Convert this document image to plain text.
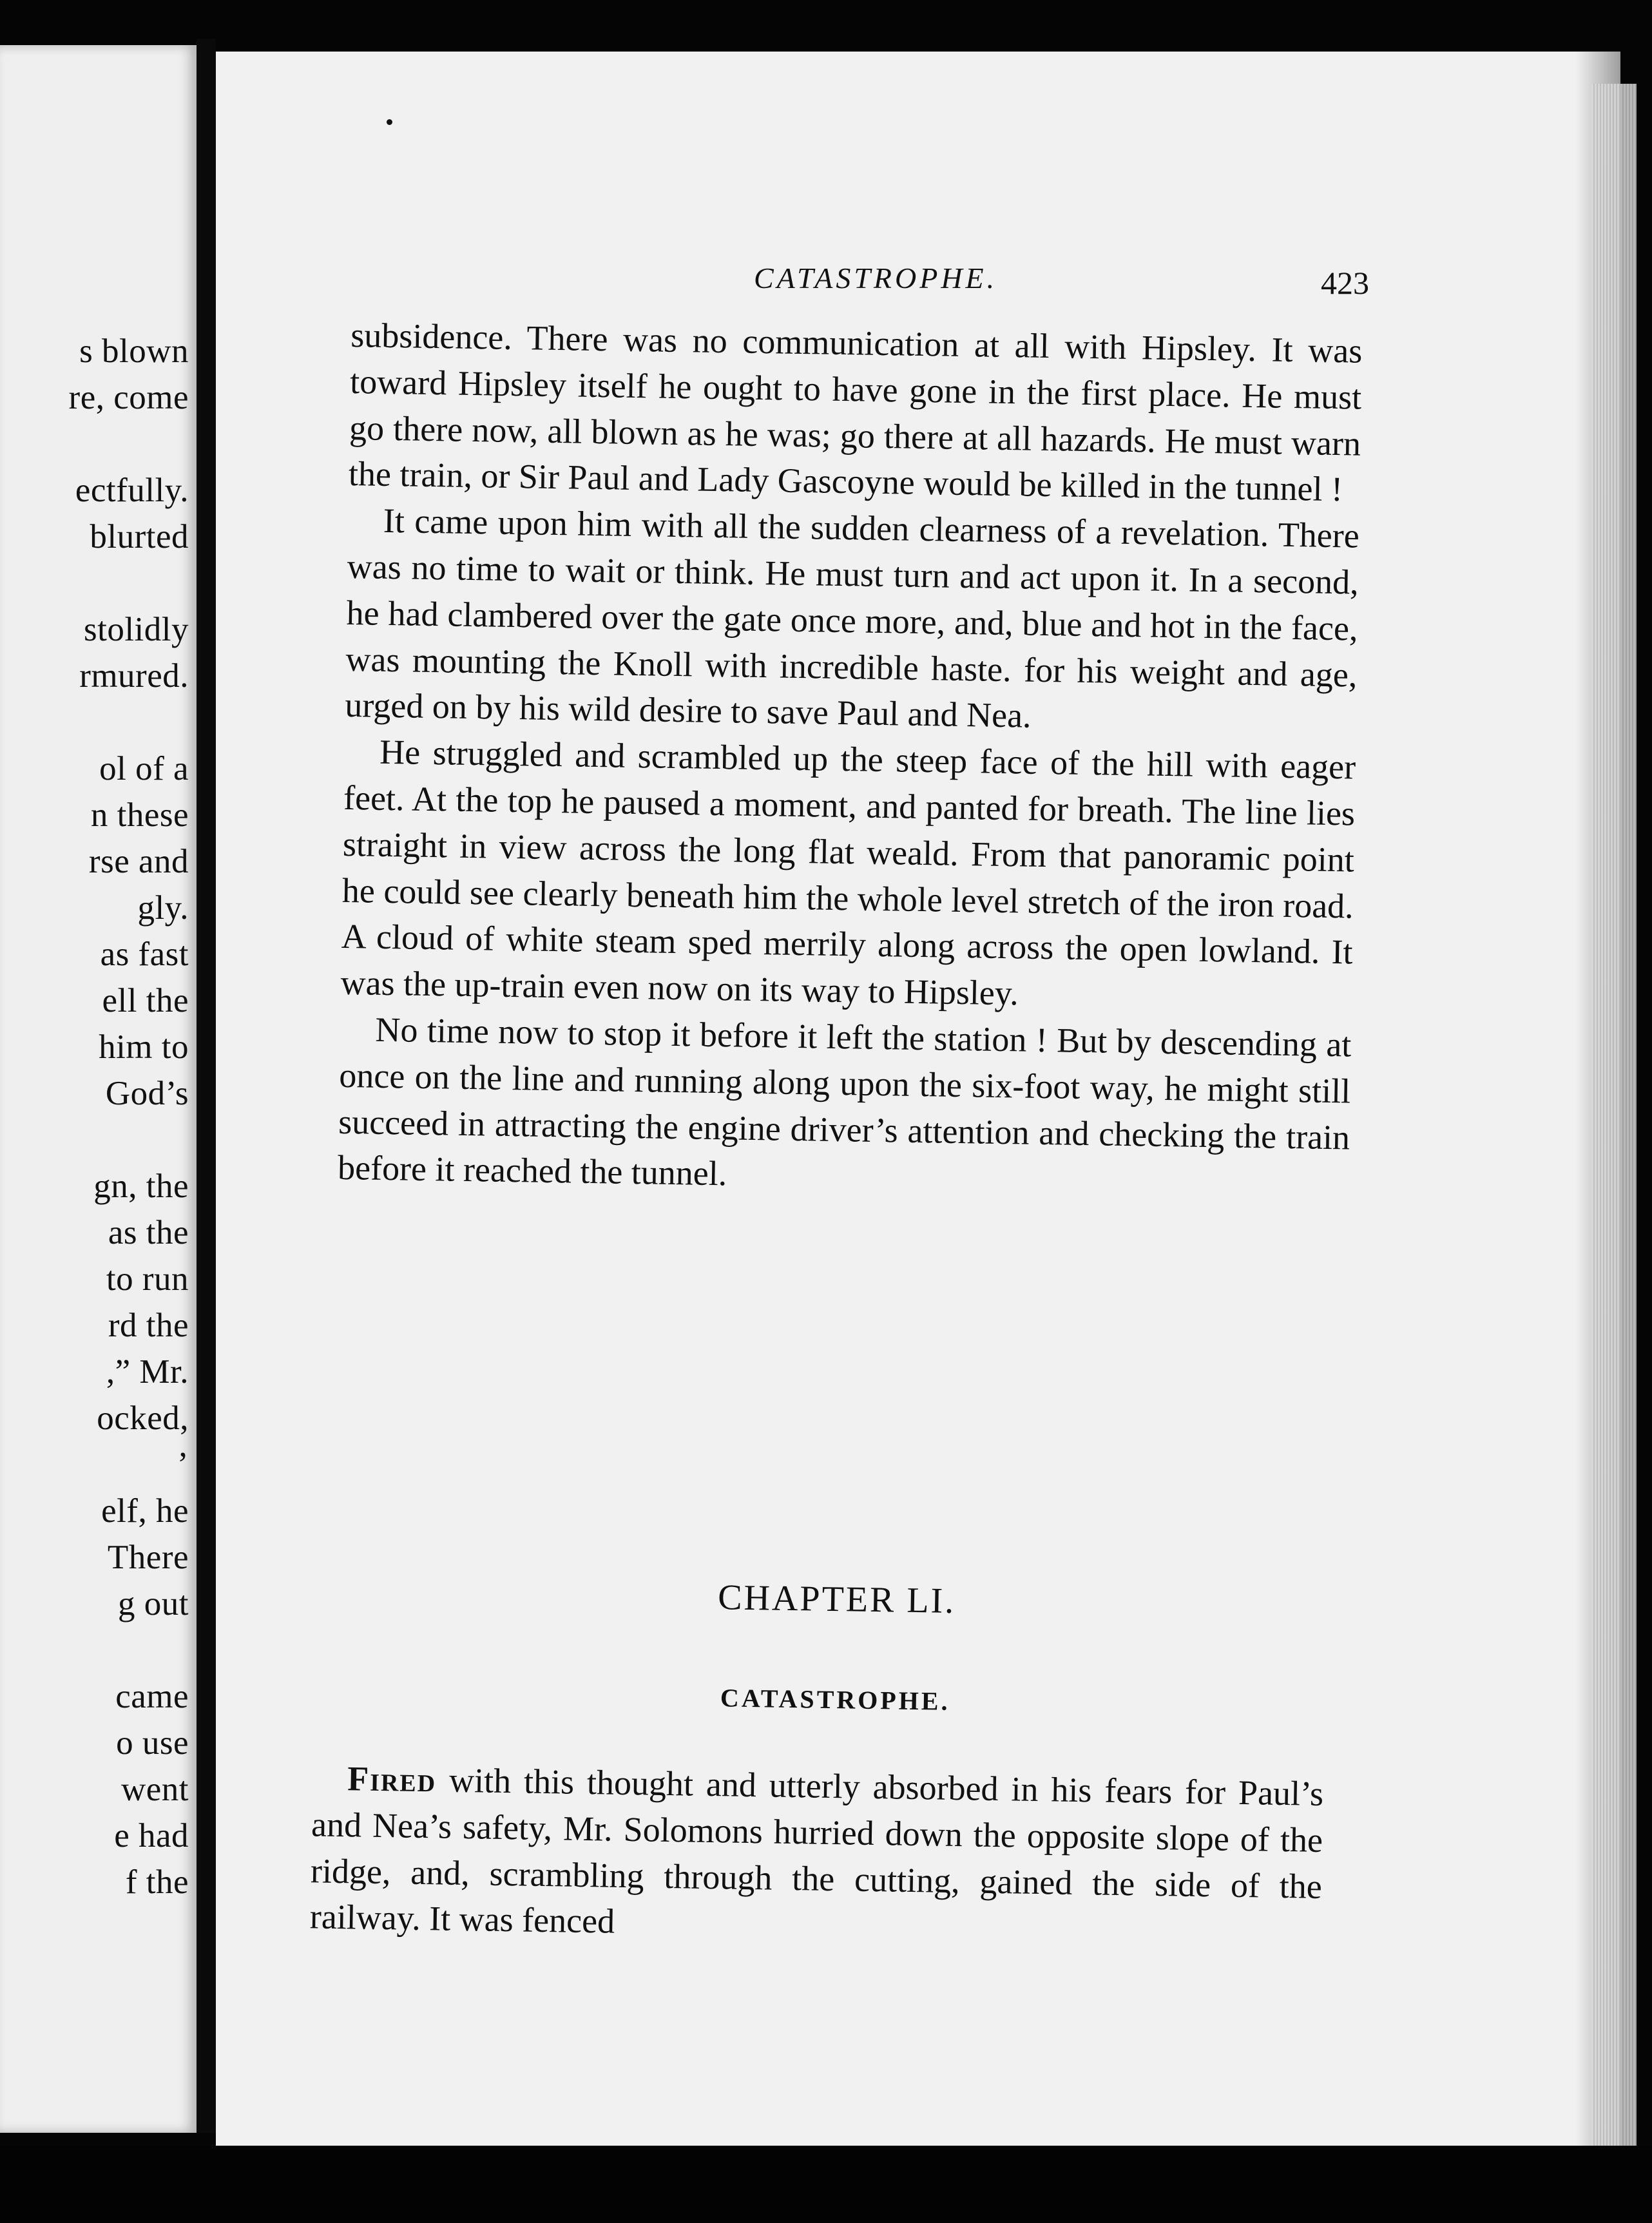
s blown
re, come
ectfully.
blurted
stolidly
rmured.
ol of a
n these
rse and
gly.
as fast
ell the
him to
God’s
gn, the
as the
to run
rd the
,” Mr.
ocked,
’
elf, he
There
g out
came
o use
went
e had
f the
CATASTROPHE.	423

subsidence. There was no communication at all with Hipsley. It was toward Hipsley itself he ought to have gone in the first place. He must go there now, all blown as he was; go there at all hazards. He must warn the train, or Sir Paul and Lady Gascoyne would be killed in the tunnel !

It came upon him with all the sudden clearness of a revelation. There was no time to wait or think. He must turn and act upon it. In a second, he had clambered over the gate once more, and, blue and hot in the face, was mounting the Knoll with incredible haste. for his weight and age, urged on by his wild desire to save Paul and Nea.

He struggled and scrambled up the steep face of the hill with eager feet. At the top he paused a moment, and panted for breath. The line lies straight in view across the long flat weald. From that panoramic point he could see clearly beneath him the whole level stretch of the iron road. A cloud of white steam sped merrily along across the open lowland. It was the up-train even now on its way to Hipsley.

No time now to stop it before it left the station ! But by descending at once on the line and running along upon the six-foot way, he might still succeed in attracting the engine driver’s attention and checking the train before it reached the tunnel.

CHAPTER LI.
CATASTROPHE.

Fired with this thought and utterly absorbed in his fears for Paul’s and Nea’s safety, Mr. Solomons hurried down the opposite slope of the ridge, and, scrambling through the cutting, gained the side of the railway. It was fenced
